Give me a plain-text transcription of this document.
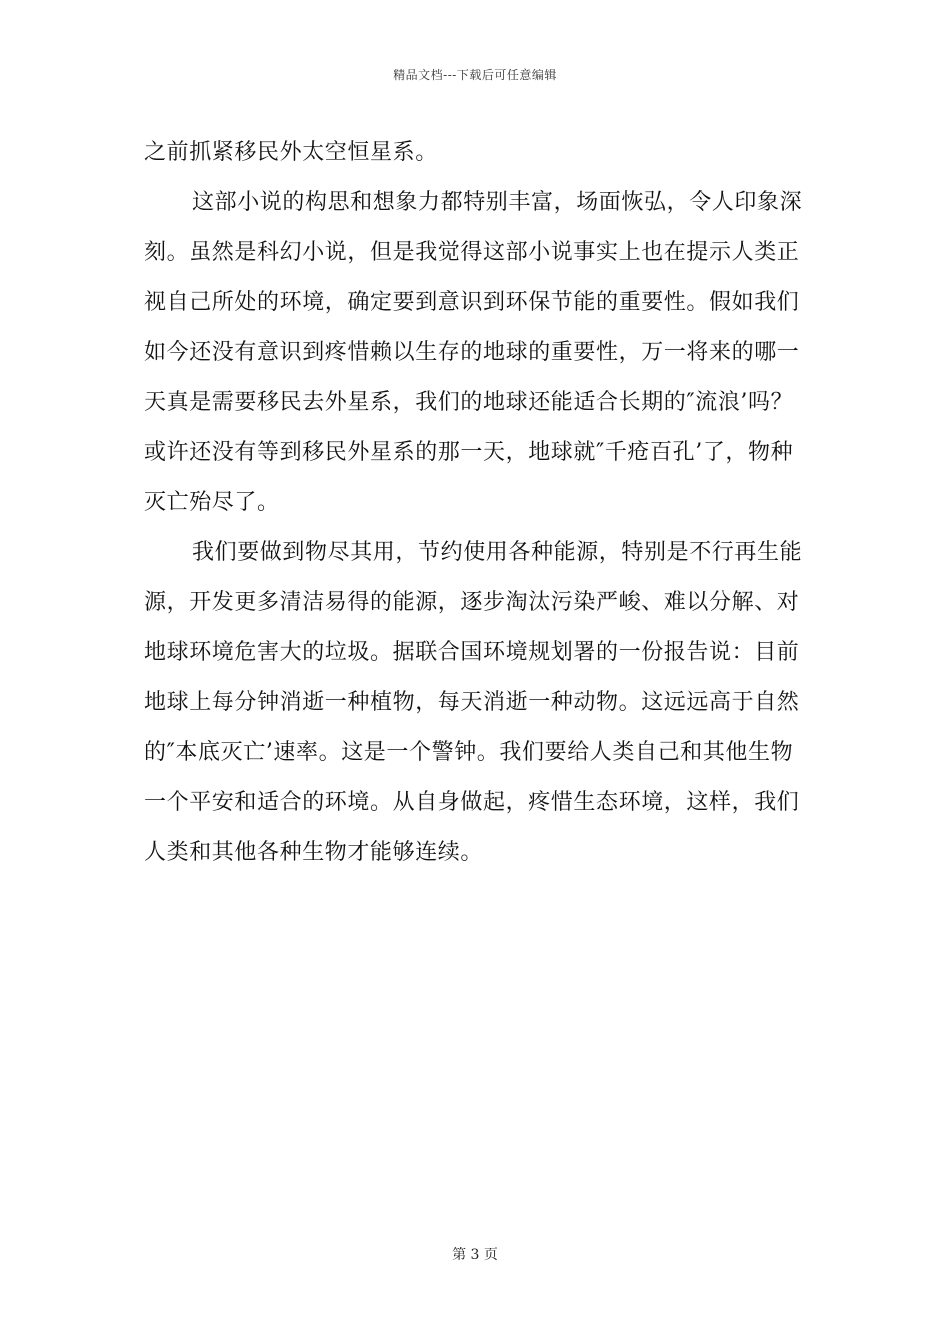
精品文档---下载后可任意编辑
之前抓紧移民外太空恒星系。
这部小说的构思和想象力都特别丰富，场面恢弘，令人印象深
刻。虽然是科幻小说，但是我觉得这部小说事实上也在提示人类正
视自己所处的环境，确定要到意识到环保节能的重要性。假如我们
如今还没有意识到疼惜赖以生存的地球的重要性，万一将来的哪一
天真是需要移民去外星系，我们的地球还能适合长期的″流浪’吗？
或许还没有等到移民外星系的那一天，地球就″千疮百孔’了，物种
灭亡殆尽了。
我们要做到物尽其用，节约使用各种能源，特别是不行再生能
源，开发更多清洁易得的能源，逐步淘汰污染严峻、难以分解、对
地球环境危害大的垃圾。据联合国环境规划署的一份报告说：目前
地球上每分钟消逝一种植物，每天消逝一种动物。这远远高于自然
的″本底灭亡’速率。这是一个警钟。我们要给人类自己和其他生物
一个平安和适合的环境。从自身做起，疼惜生态环境，这样，我们
人类和其他各种生物才能够连续。
第 3 页
